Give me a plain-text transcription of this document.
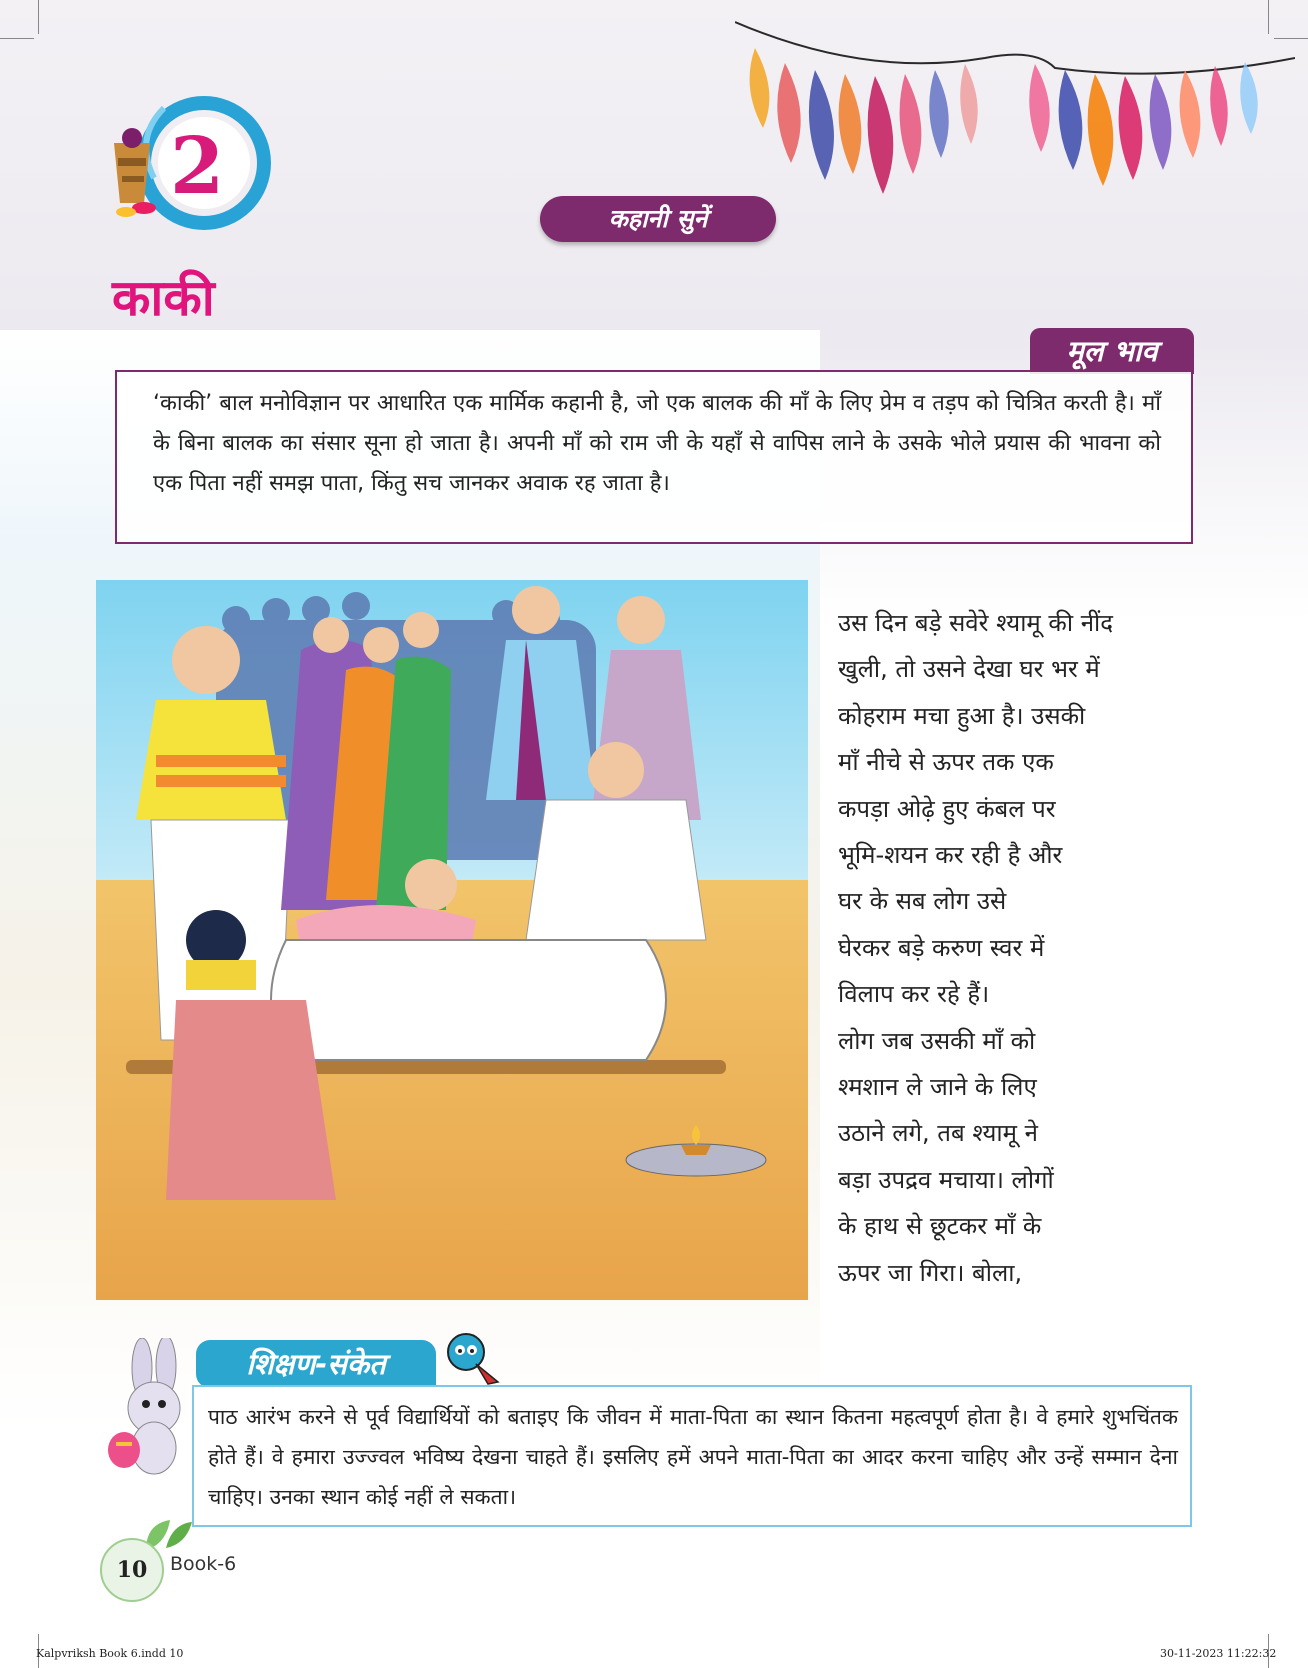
2
काकी
कहानी सुनें
मूल भाव
‘काकी’ बाल मनोविज्ञान पर आधारित एक मार्मिक कहानी है, जो एक बालक की माँ के लिए प्रेम व तड़प को चित्रित करती है। माँ के बिना बालक का संसार सूना हो जाता है। अपनी माँ को राम जी के यहाँ से वापिस लाने के उसके भोले प्रयास की भावना को एक पिता नहीं समझ पाता, किंतु सच जानकर अवाक रह जाता है।

उस दिन बड़े सवेरे श्यामू की नींद

खुली, तो उसने देखा घर भर में

कोहराम मचा हुआ है। उसकी

माँ नीचे से ऊपर तक एक

कपड़ा ओढ़े हुए कंबल पर

भूमि-शयन कर रही है और

घर के सब लोग उसे

घेरकर बड़े करुण स्वर में

विलाप कर रहे हैं।

लोग जब उसकी माँ को

श्मशान ले जाने के लिए

उठाने लगे, तब श्यामू ने

बड़ा उपद्रव मचाया। लोगों

के हाथ से छूटकर माँ के

ऊपर जा गिरा। बोला,

शिक्षण-संकेत
पाठ आरंभ करने से पूर्व विद्यार्थियों को बताइए कि जीवन में माता-पिता का स्थान कितना महत्वपूर्ण होता है। वे हमारे शुभचिंतक होते हैं। वे हमारा उज्ज्वल भविष्य देखना चाहते हैं। इसलिए हमें अपने माता-पिता का आदर करना चाहिए और उन्हें सम्मान देना चाहिए। उनका स्थान कोई नहीं ले सकता।
10	Book-6
Kalpvriksh Book 6.indd 10	30-11-2023 11:22:32
